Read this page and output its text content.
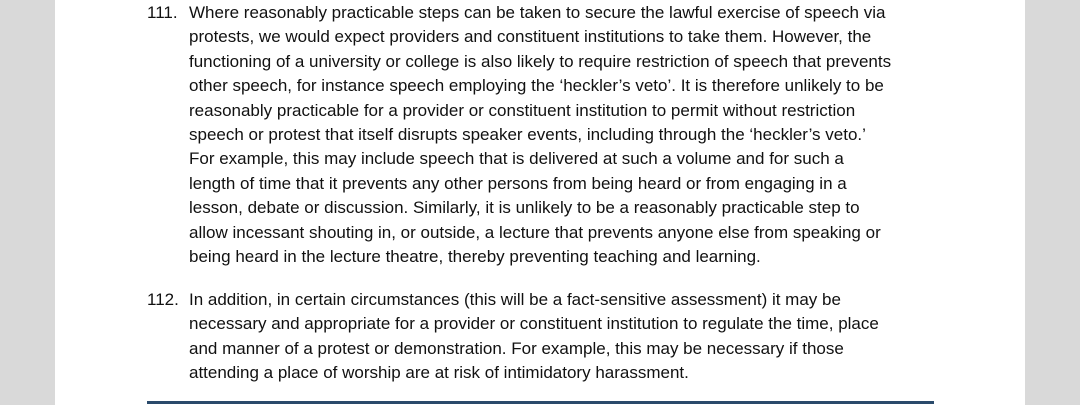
111. Where reasonably practicable steps can be taken to secure the lawful exercise of speech via
protests, we would expect providers and constituent institutions to take them. However, the
functioning of a university or college is also likely to require restriction of speech that prevents
other speech, for instance speech employing the ‘heckler’s veto’. It is therefore unlikely to be
reasonably practicable for a provider or constituent institution to permit without restriction
speech or protest that itself disrupts speaker events, including through the ‘heckler’s veto.’
For example, this may include speech that is delivered at such a volume and for such a
length of time that it prevents any other persons from being heard or from engaging in a
lesson, debate or discussion. Similarly, it is unlikely to be a reasonably practicable step to
allow incessant shouting in, or outside, a lecture that prevents anyone else from speaking or
being heard in the lecture theatre, thereby preventing teaching and learning.
112. In addition, in certain circumstances (this will be a fact-sensitive assessment) it may be
necessary and appropriate for a provider or constituent institution to regulate the time, place
and manner of a protest or demonstration. For example, this may be necessary if those
attending a place of worship are at risk of intimidatory harassment.
